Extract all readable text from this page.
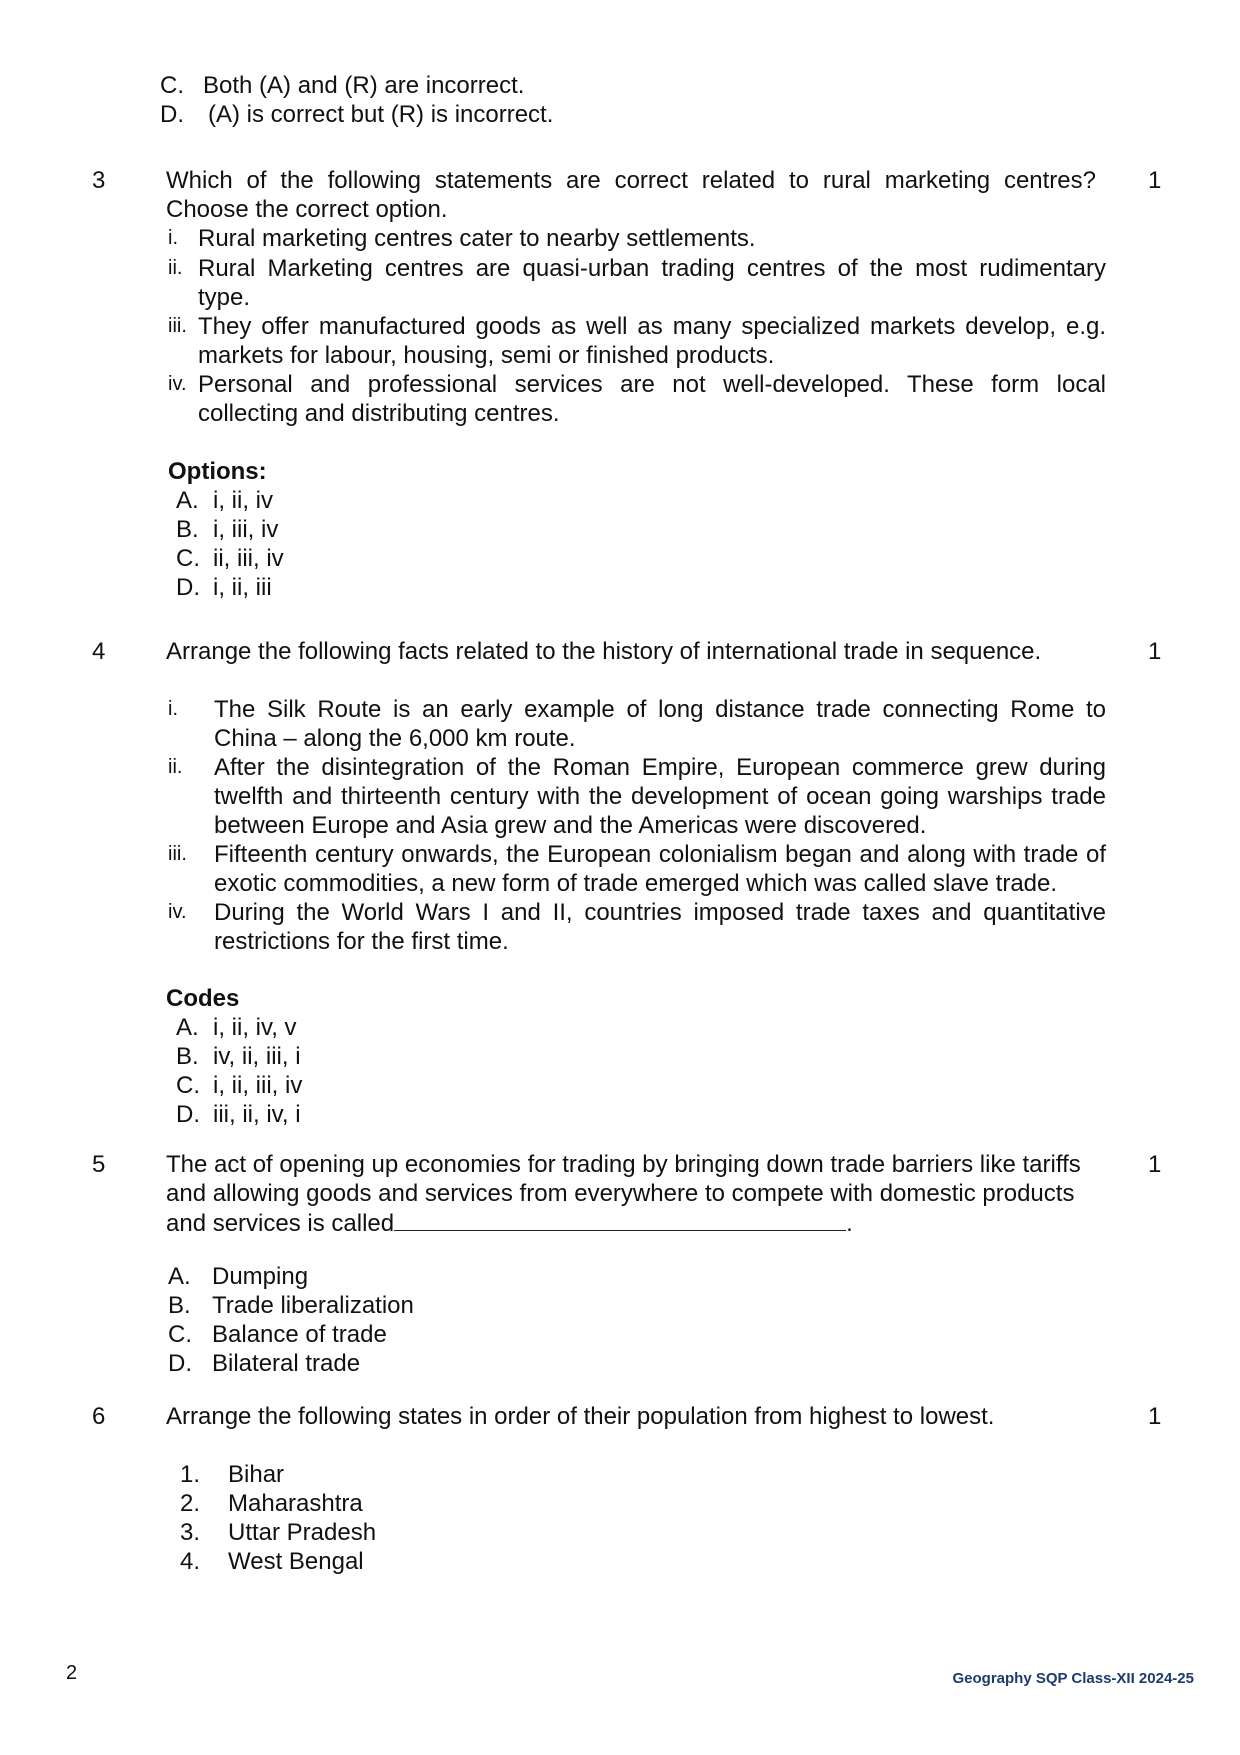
C. Both (A) and (R) are incorrect.
D. (A) is correct but (R) is incorrect.
3	1
Which of the following statements are correct related to rural marketing centres? Choose the correct option.
i. Rural marketing centres cater to nearby settlements.
ii. Rural Marketing centres are quasi-urban trading centres of the most rudimentary type.
iii. They offer manufactured goods as well as many specialized markets develop, e.g. markets for labour, housing, semi or finished products.
iv. Personal and professional services are not well-developed. These form local collecting and distributing centres.
Options:
A. i, ii, iv
B. i, iii, iv
C. ii, iii, iv
D. i, ii, iii
4	1
Arrange the following facts related to the history of international trade in sequence.
i.	The Silk Route is an early example of long distance trade connecting Rome to China – along the 6,000 km route.
ii.	After the disintegration of the Roman Empire, European commerce grew during twelfth and thirteenth century with the development of ocean going warships trade between Europe and Asia grew and the Americas were discovered.
iii.	Fifteenth century onwards, the European colonialism began and along with trade of exotic commodities, a new form of trade emerged which was called slave trade.
iv.	During the World Wars I and II, countries imposed trade taxes and quantitative restrictions for the first time.
Codes
A. i, ii, iv, v
B. iv, ii, iii, i
C. i, ii, iii, iv
D. iii, ii, iv, i
5	1
The act of opening up economies for trading by bringing down trade barriers like tariffs and allowing goods and services from everywhere to compete with domestic products and services is called	.
A. Dumping
B. Trade liberalization
C. Balance of trade
D. Bilateral trade
6	1
Arrange the following states in order of their population from highest to lowest.
1. Bihar
2. Maharashtra
3. Uttar Pradesh
4. West Bengal
2	Geography SQP Class-XII 2024-25
